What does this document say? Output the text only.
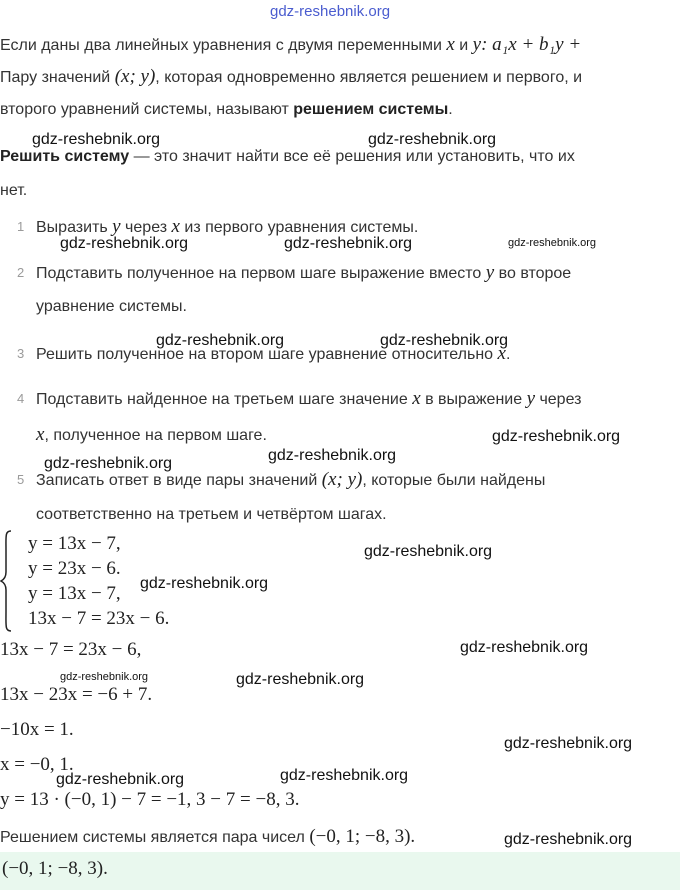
gdz-reshebnik.org
Если даны два линейных уравнения с двумя переменными x и y: a₁x + b₁y +
Пару значений (x; y), которая одновременно является решением и первого, и
второго уравнений системы, называют решением системы.
Решить систему — это значит найти все её решения или установить, что их
нет.
1 Выразить y через x из первого уравнения системы.
2 Подставить полученное на первом шаге выражение вместо y во второе
уравнение системы.
3 Решить полученное на втором шаге уравнение относительно x.
4 Подставить найденное на третьем шаге значение x в выражение y через
x, полученное на первом шаге.
5 Записать ответ в виде пары значений (x; y), которые были найдены
соответственно на третьем и четвёртом шагах.
y = 13x − 7,
y = 23x − 6.
y = 13x − 7,
13x − 7 = 23x − 6.
13x − 7 = 23x − 6,
13x − 23x = −6 + 7.
−10x = 1.
x = −0, 1.
y = 13 · (−0, 1) − 7 = −1, 3 − 7 = −8, 3.
Решением системы является пара чисел (−0, 1; −8, 3).
(−0, 1; −8, 3).
gdz-reshebnik.org	gdz-reshebnik.org
gdz-reshebnik.org	gdz-reshebnik.org	gdz-reshebnik.org
gdz-reshebnik.org	gdz-reshebnik.org
gdz-reshebnik.org
gdz-reshebnik.org
gdz-reshebnik.org
gdz-reshebnik.org
gdz-reshebnik.org
gdz-reshebnik.org
gdz-reshebnik.org	gdz-reshebnik.org
gdz-reshebnik.org
gdz-reshebnik.org
gdz-reshebnik.org
gdz-reshebnik.org
